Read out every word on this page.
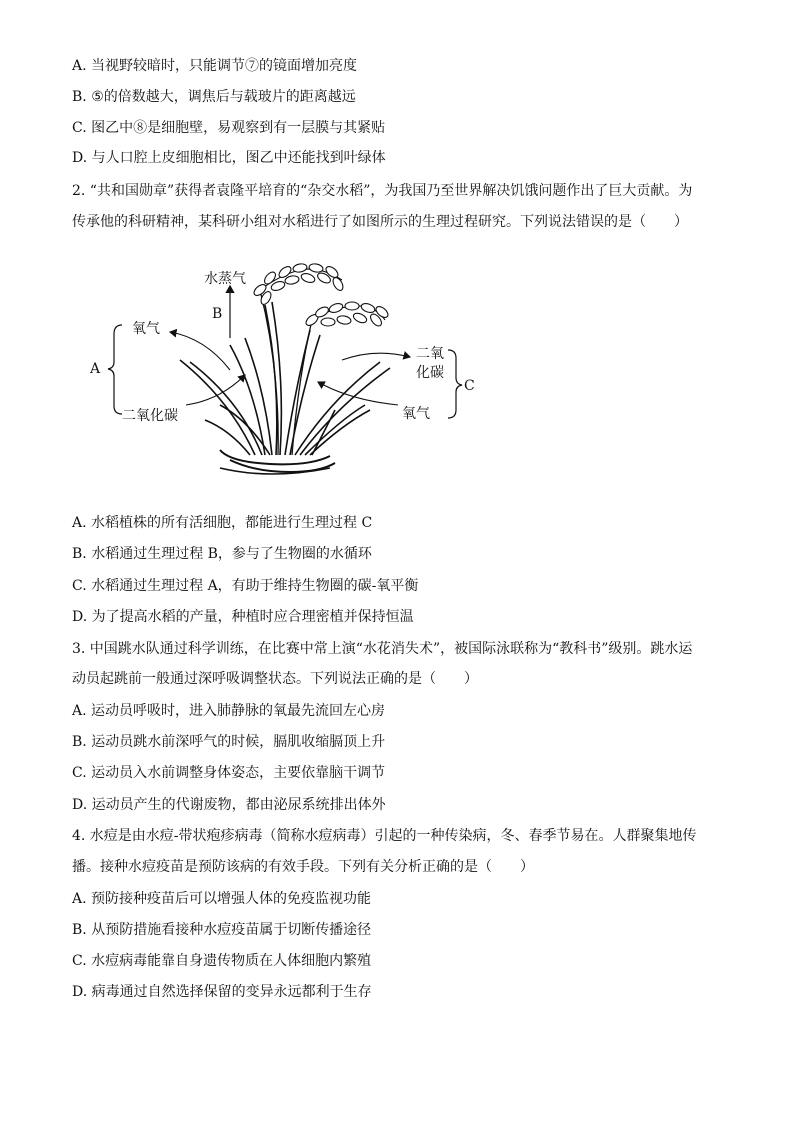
A. 当视野较暗时，只能调节⑦的镜面增加亮度
B. ⑤的倍数越大，调焦后与载玻片的距离越远
C. 图乙中⑧是细胞壁，易观察到有一层膜与其紧贴
D. 与人口腔上皮细胞相比，图乙中还能找到叶绿体
2. “共和国勋章”获得者袁隆平培育的“杂交水稻”，为我国乃至世界解决饥饿问题作出了巨大贡献。为
传承他的科研精神，某科研小组对水稻进行了如图所示的生理过程研究。下列说法错误的是（　　）
水蒸气
B
氧气
A
二氧化碳
二氧
化碳
C
氧气
A. 水稻植株的所有活细胞，都能进行生理过程 C
B. 水稻通过生理过程 B，参与了生物圈的水循环
C. 水稻通过生理过程 A，有助于维持生物圈的碳-氧平衡
D. 为了提高水稻的产量，种植时应合理密植并保持恒温
3. 中国跳水队通过科学训练，在比赛中常上演“水花消失术”，被国际泳联称为“教科书”级别。跳水运
动员起跳前一般通过深呼吸调整状态。下列说法正确的是（　　）
A. 运动员呼吸时，进入肺静脉的氧最先流回左心房
B. 运动员跳水前深呼气的时候，膈肌收缩膈顶上升
C. 运动员入水前调整身体姿态，主要依靠脑干调节
D. 运动员产生的代谢废物，都由泌尿系统排出体外
4. 水痘是由水痘-带状疱疹病毒（简称水痘病毒）引起的一种传染病，冬、春季节易在。人群聚集地传
播。接种水痘疫苗是预防该病的有效手段。下列有关分析正确的是（　　）
A. 预防接种疫苗后可以增强人体的免疫监视功能
B. 从预防措施看接种水痘疫苗属于切断传播途径
C. 水痘病毒能靠自身遗传物质在人体细胞内繁殖
D. 病毒通过自然选择保留的变异永远都利于生存
